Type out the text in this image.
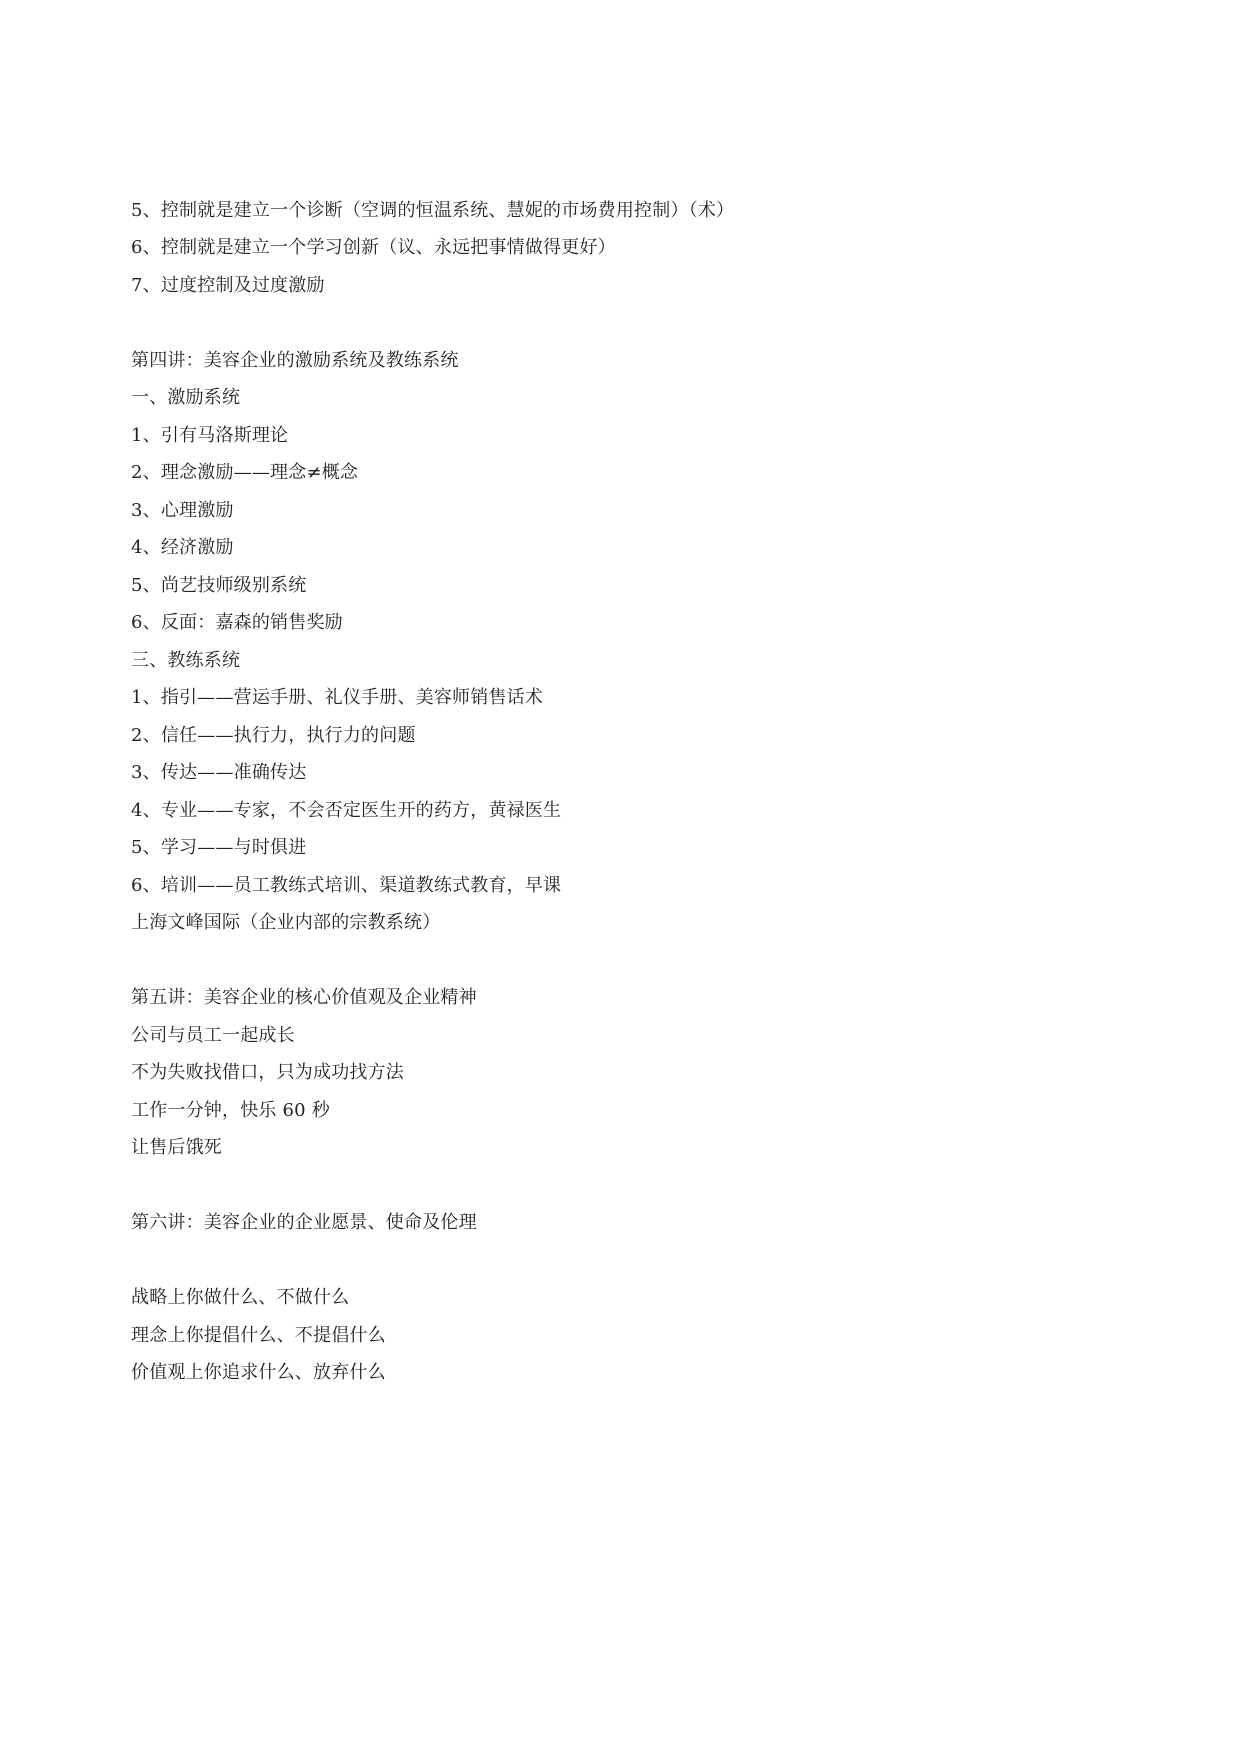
5、控制就是建立一个诊断（空调的恒温系统、慧妮的市场费用控制）（术）
6、控制就是建立一个学习创新（议、永远把事情做得更好）
7、过度控制及过度激励
第四讲：美容企业的激励系统及教练系统
一、激励系统
1、引有马洛斯理论
2、理念激励——理念≠概念
3、心理激励
4、经济激励
5、尚艺技师级别系统
6、反面：嘉森的销售奖励
三、教练系统
1、指引——营运手册、礼仪手册、美容师销售话术
2、信任——执行力，执行力的问题
3、传达——准确传达
4、专业——专家，不会否定医生开的药方，黄禄医生
5、学习——与时俱进
6、培训——员工教练式培训、渠道教练式教育，早课
上海文峰国际（企业内部的宗教系统）
第五讲：美容企业的核心价值观及企业精神
公司与员工一起成长
不为失败找借口，只为成功找方法
工作一分钟，快乐 60 秒
让售后饿死
第六讲：美容企业的企业愿景、使命及伦理
战略上你做什么、不做什么
理念上你提倡什么、不提倡什么
价值观上你追求什么、放弃什么
